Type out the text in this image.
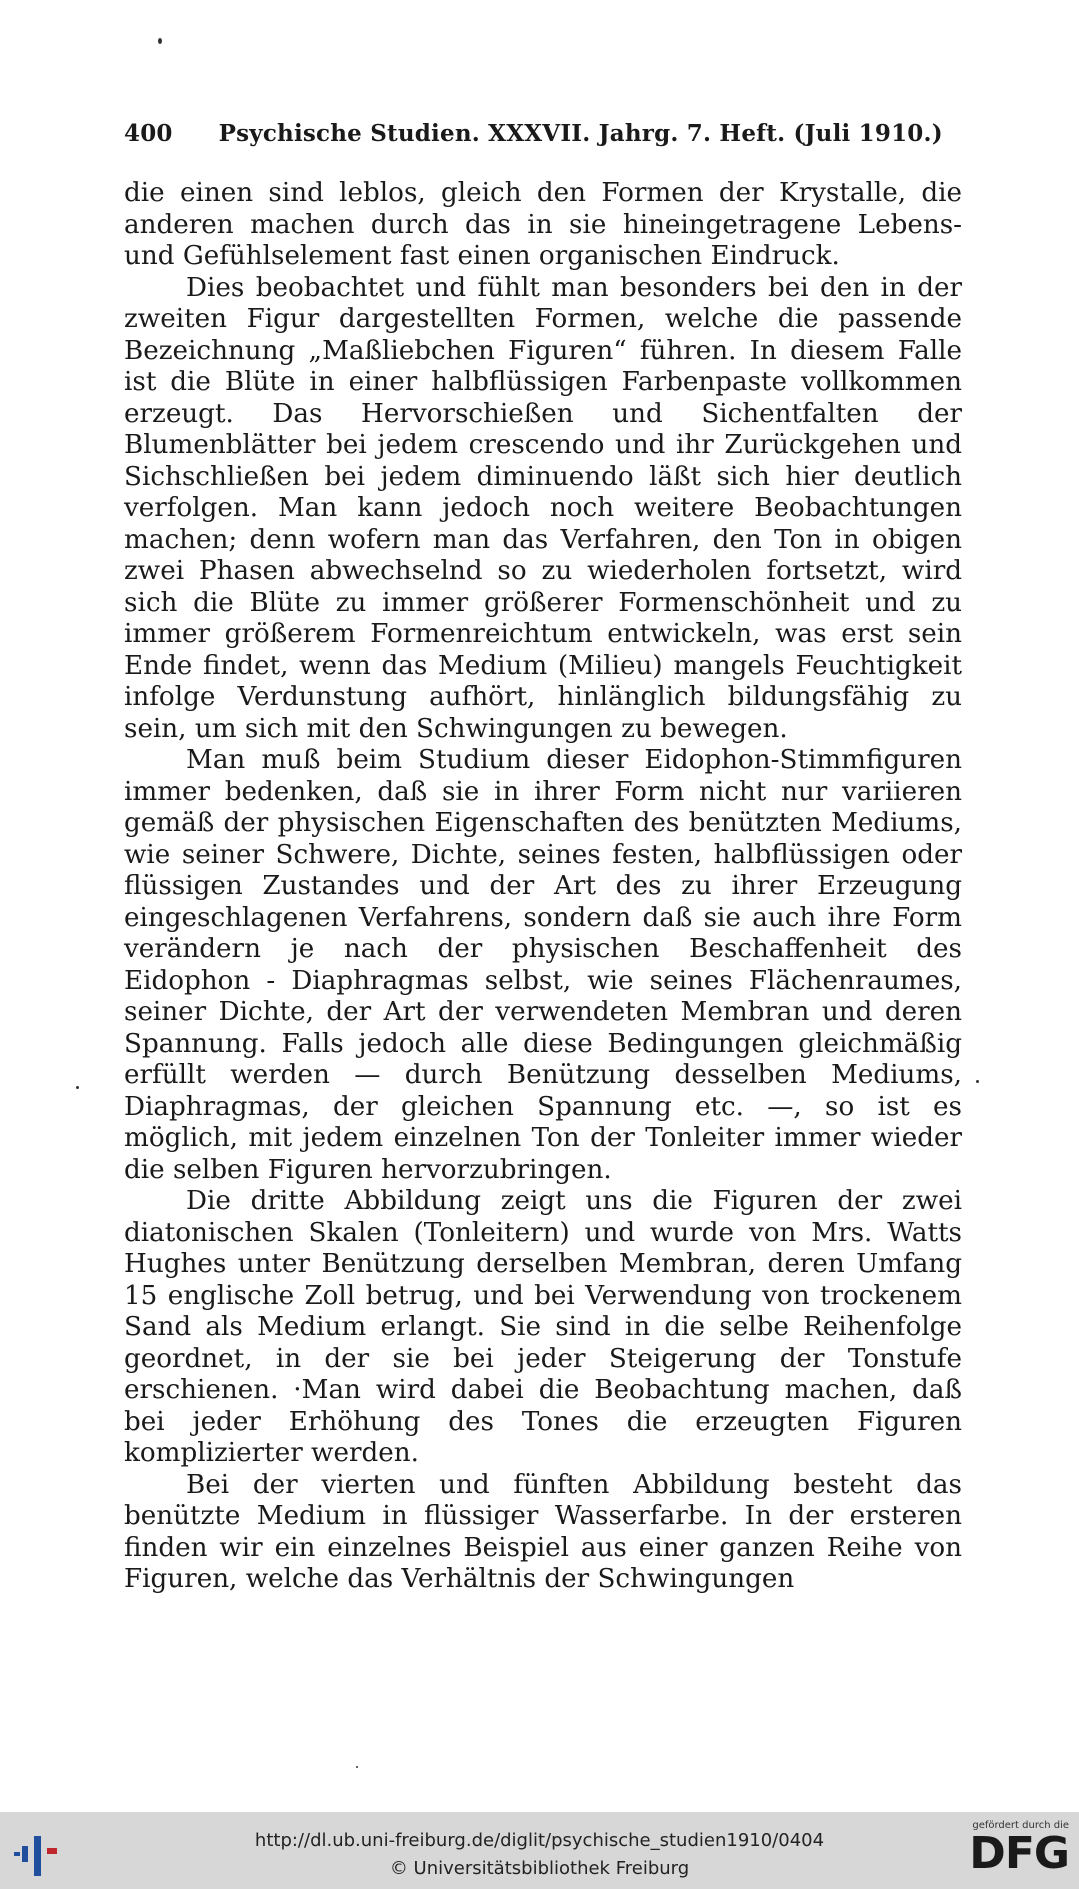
400 Psychische Studien. XXXVII. Jahrg. 7. Heft. (Juli 1910.)

die einen sind leblos, gleich den Formen der Krystalle, die anderen machen durch das in sie hineingetragene Lebens- und Gefühlselement fast einen organischen Eindruck.

Dies beobachtet und fühlt man besonders bei den in der zweiten Figur dargestellten Formen, welche die passende Bezeichnung „Maßliebchen Figuren“ führen. In diesem Falle ist die Blüte in einer halbflüssigen Farbenpaste vollkommen erzeugt. Das Hervorschießen und Sichentfalten der Blumenblätter bei jedem crescendo und ihr Zurückgehen und Sichschließen bei jedem diminuendo läßt sich hier deutlich verfolgen. Man kann jedoch noch weitere Beobachtungen machen; denn wofern man das Verfahren, den Ton in obigen zwei Phasen abwechselnd so zu wiederholen fortsetzt, wird sich die Blüte zu immer größerer Formenschönheit und zu immer größerem Formenreichtum entwickeln, was erst sein Ende findet, wenn das Medium (Milieu) mangels Feuchtigkeit infolge Verdunstung aufhört, hinlänglich bildungsfähig zu sein, um sich mit den Schwingungen zu bewegen.

Man muß beim Studium dieser Eidophon-Stimmfiguren immer bedenken, daß sie in ihrer Form nicht nur variieren gemäß der physischen Eigenschaften des benützten Mediums, wie seiner Schwere, Dichte, seines festen, halbflüssigen oder flüssigen Zustandes und der Art des zu ihrer Erzeugung eingeschlagenen Verfahrens, sondern daß sie auch ihre Form verändern je nach der physischen Beschaffenheit des Eidophon - Diaphragmas selbst, wie seines Flächenraumes, seiner Dichte, der Art der verwendeten Membran und deren Spannung. Falls jedoch alle diese Bedingungen gleichmäßig erfüllt werden — durch Benützung desselben Mediums, Diaphragmas, der gleichen Spannung etc. —, so ist es möglich, mit jedem einzelnen Ton der Tonleiter immer wieder die selben Figuren hervorzubringen.

Die dritte Abbildung zeigt uns die Figuren der zwei diatonischen Skalen (Tonleitern) und wurde von Mrs. Watts Hughes unter Benützung derselben Membran, deren Umfang 15 englische Zoll betrug, und bei Verwendung von trockenem Sand als Medium erlangt. Sie sind in die selbe Reihenfolge geordnet, in der sie bei jeder Steigerung der Tonstufe erschienen. ·Man wird dabei die Beobachtung machen, daß bei jeder Erhöhung des Tones die erzeugten Figuren komplizierter werden.

Bei der vierten und fünften Abbildung besteht das benützte Medium in flüssiger Wasserfarbe. In der ersteren finden wir ein einzelnes Beispiel aus einer ganzen Reihe von Figuren, welche das Verhältnis der Schwingungen

http://dl.ub.uni-freiburg.de/diglit/psychische_studien1910/0404
© Universitätsbibliothek Freiburg
gefördert durch die
DFG
